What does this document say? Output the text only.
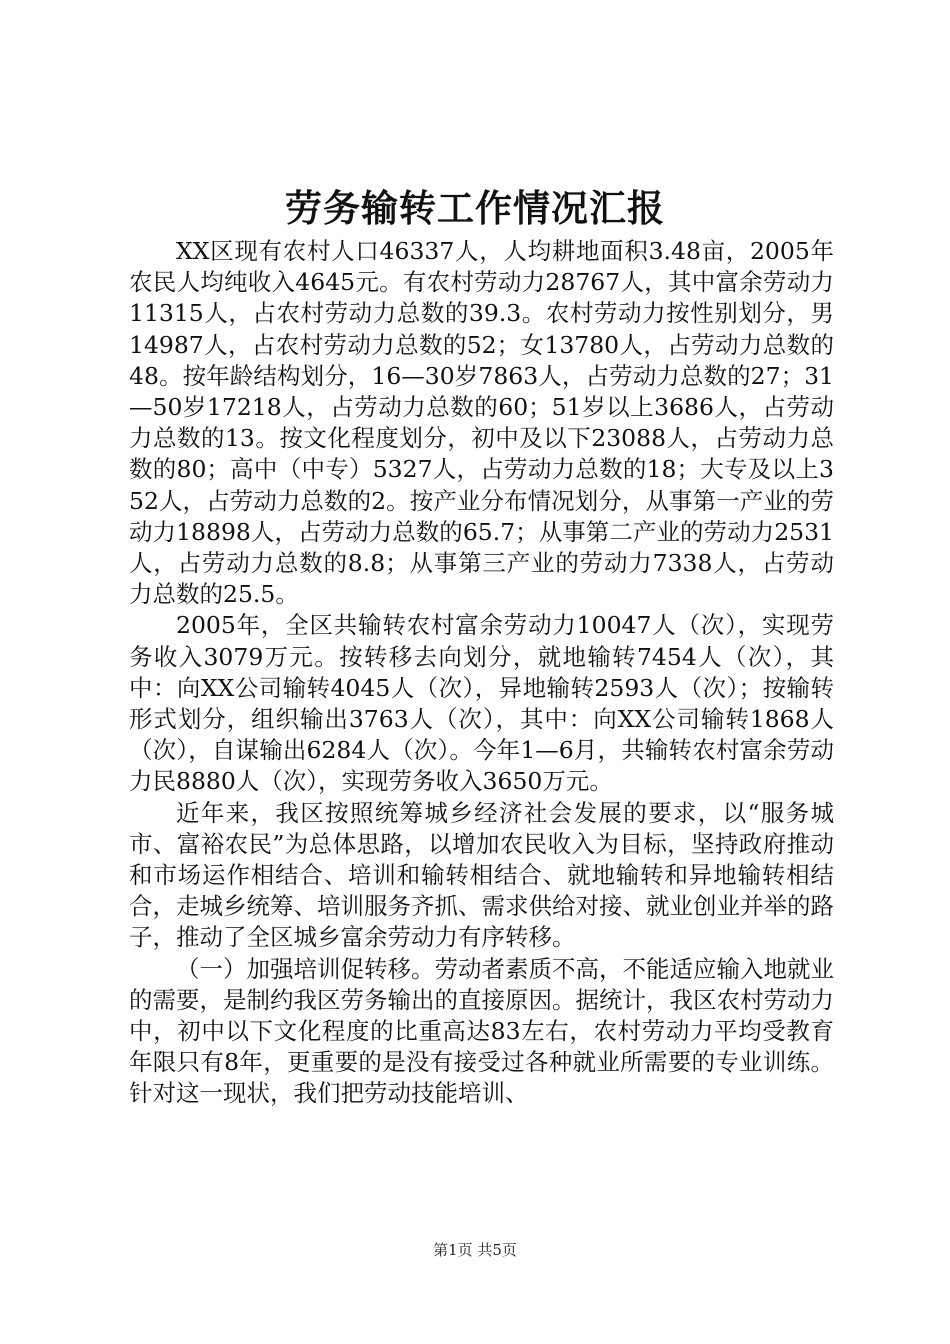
劳务输转工作情况汇报

XX区现有农村人口46337人，人均耕地面积3.48亩，2005年农民人均纯收入4645元。有农村劳动力28767人，其中富余劳动力11315人，占农村劳动力总数的39.3。农村劳动力按性别划分，男14987人，占农村劳动力总数的52；女13780人，占劳动力总数的48。按年龄结构划分，16—30岁7863人，占劳动力总数的27；31—50岁17218人，占劳动力总数的60；51岁以上3686人，占劳动力总数的13。按文化程度划分，初中及以下23088人，占劳动力总数的80；高中（中专）5327人，占劳动力总数的18；大专及以上352人，占劳动力总数的2。按产业分布情况划分，从事第一产业的劳动力18898人，占劳动力总数的65.7；从事第二产业的劳动力2531人，占劳动力总数的8.8；从事第三产业的劳动力7338人，占劳动力总数的25.5。

2005年，全区共输转农村富余劳动力10047人（次），实现劳务收入3079万元。按转移去向划分，就地输转7454人（次），其中：向XX公司输转4045人（次），异地输转2593人（次）；按输转形式划分，组织输出3763人（次），其中：向XX公司输转1868人（次），自谋输出6284人（次）。今年1—6月，共输转农村富余劳动力民8880人（次），实现劳务收入3650万元。

近年来，我区按照统筹城乡经济社会发展的要求，以“服务城市、富裕农民”为总体思路，以增加农民收入为目标，坚持政府推动和市场运作相结合、培训和输转相结合、就地输转和异地输转相结合，走城乡统筹、培训服务齐抓、需求供给对接、就业创业并举的路子，推动了全区城乡富余劳动力有序转移。

（一）加强培训促转移。劳动者素质不高，不能适应输入地就业的需要，是制约我区劳务输出的直接原因。据统计，我区农村劳动力中，初中以下文化程度的比重高达83左右，农村劳动力平均受教育年限只有8年，更重要的是没有接受过各种就业所需要的专业训练。针对这一现状，我们把劳动技能培训、

第1页 共5页
